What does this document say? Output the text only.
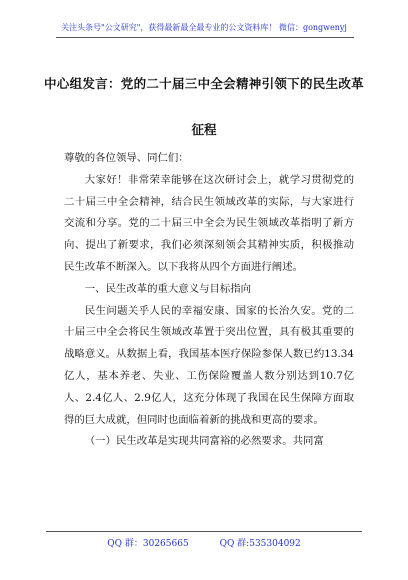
关注头条号"公文研究"，获得最新最全最专业的公文资料库！ 微信：gongwenyj
中心组发言：党的二十届三中全会精神引领下的民生改革
征程

尊敬的各位领导、同仁们：

大家好！非常荣幸能够在这次研讨会上，就学习贯彻党的二十届三中全会精神，结合民生领域改革的实际，与大家进行交流和分享。党的二十届三中全会为民生领域改革指明了新方向、提出了新要求，我们必须深刻领会其精神实质，积极推动民生改革不断深入。以下我将从四个方面进行阐述。

一、民生改革的重大意义与目标指向

民生问题关乎人民的幸福安康、国家的长治久安。党的二十届三中全会将民生领域改革置于突出位置，具有极其重要的战略意义。从数据上看，我国基本医疗保险参保人数已约13.34亿人，基本养老、失业、工伤保险覆盖人数分别达到10.7亿人、2.4亿人、2.9亿人，这充分体现了我国在民生保障方面取得的巨大成就，但同时也面临着新的挑战和更高的要求。

（一）民生改革是实现共同富裕的必然要求。共同富

QQ 群：30265665	QQ 群:535304092
